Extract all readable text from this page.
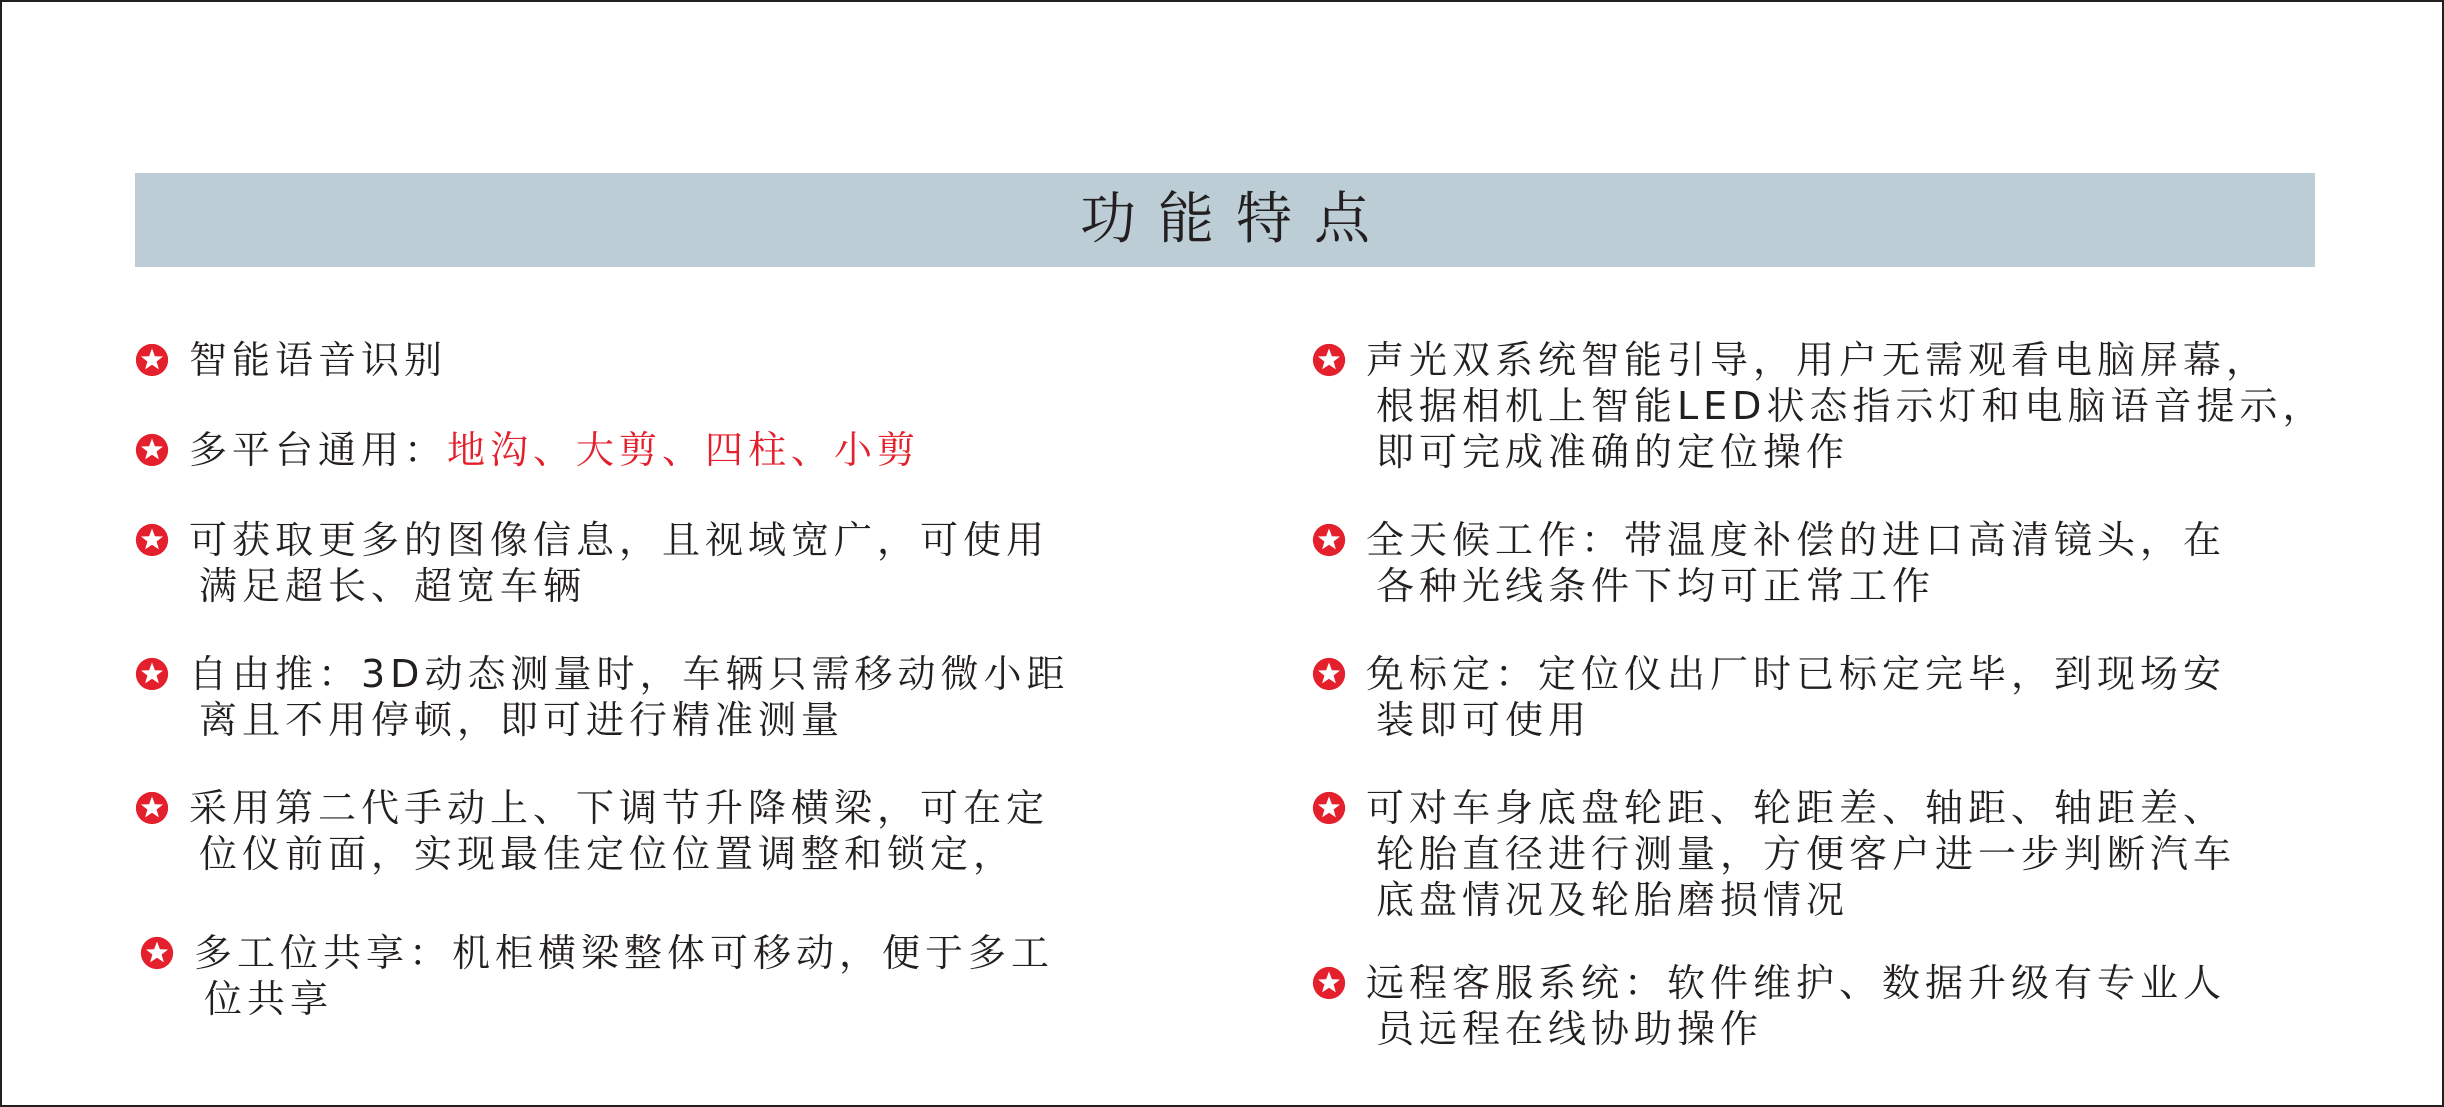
功能特点
智能语音识别
多平台通用：地沟、大剪、四柱、小剪
可获取更多的图像信息，且视域宽广，可使用
满足超长、超宽车辆
自由推：3D动态测量时，车辆只需移动微小距
离且不用停顿，即可进行精准测量
采用第二代手动上、下调节升降横梁，可在定
位仪前面，实现最佳定位位置调整和锁定，
多工位共享：机柜横梁整体可移动，便于多工
位共享
声光双系统智能引导，用户无需观看电脑屏幕，
根据相机上智能LED状态指示灯和电脑语音提示，
即可完成准确的定位操作
全天候工作：带温度补偿的进口高清镜头，在
各种光线条件下均可正常工作
免标定：定位仪出厂时已标定完毕，到现场安
装即可使用
可对车身底盘轮距、轮距差、轴距、轴距差、
轮胎直径进行测量，方便客户进一步判断汽车
底盘情况及轮胎磨损情况
远程客服系统：软件维护、数据升级有专业人
员远程在线协助操作
